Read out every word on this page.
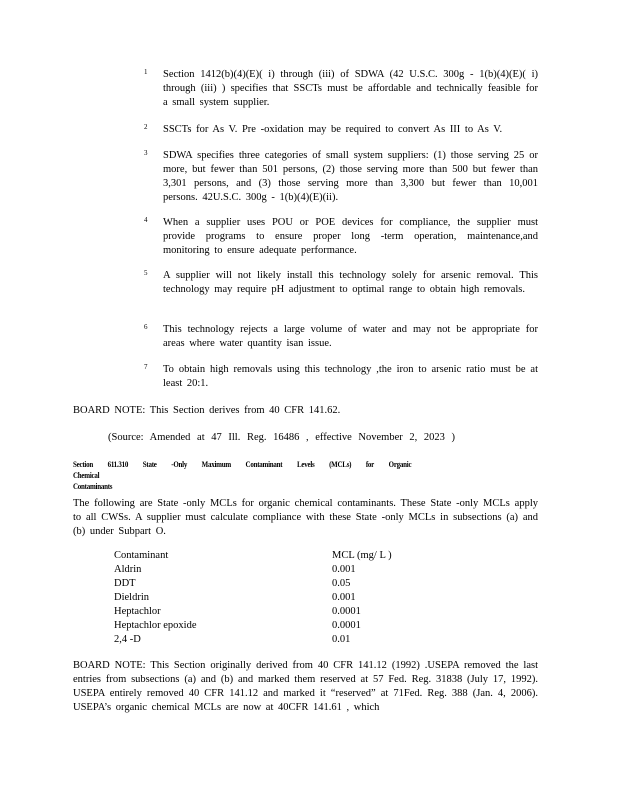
1 Section 1412(b)(4)(E)( i) through (iii) of SDWA (42 U.S.C. 300g - 1(b)(4)(E)( i) through (iii) ) specifies that SSCTs must be affordable and technically feasible for a small system supplier.
2 SSCTs for As V. Pre -oxidation may be required to convert As III to As V.
3 SDWA specifies three categories of small system suppliers: (1) those serving 25 or more, but fewer than 501 persons, (2) those serving more than 500 but fewer than 3,301 persons, and (3) those serving more than 3,300 but fewer than 10,001 persons. 42U.S.C. 300g - 1(b)(4)(E)(ii).
4 When a supplier uses POU or POE devices for compliance, the supplier must provide programs to ensure proper long -term operation, maintenance,and monitoring to ensure adequate performance.
5 A supplier will not likely install this technology solely for arsenic removal. This technology may require pH adjustment to optimal range to obtain high removals.
6 This technology rejects a large volume of water and may not be appropriate for areas where water quantity isan issue.
7 To obtain high removals using this technology ,the iron to arsenic ratio must be at least 20:1.
BOARD NOTE: This Section derives from 40 CFR 141.62.
(Source: Amended at 47 Ill. Reg. 16486 , effective November 2, 2023 )
Section 611.310 State -Only Maximum Contaminant Levels (MCLs) for Organic Chemical
Contaminants
The following are State -only MCLs for organic chemical contaminants. These State -only MCLs apply to all CWSs. A supplier must calculate compliance with these State -only MCLs in subsections (a) and (b) under Subpart O.
Contaminant	MCL (mg/ L )
Aldrin	0.001
DDT	0.05
Dieldrin	0.001
Heptachlor	0.0001
Heptachlor epoxide	0.0001
2,4 -D	0.01
BOARD NOTE: This Section originally derived from 40 CFR 141.12 (1992) .USEPA removed the last entries from subsections (a) and (b) and marked them reserved at 57 Fed. Reg. 31838 (July 17, 1992). USEPA entirely removed 40 CFR 141.12 and marked it “reserved” at 71Fed. Reg. 388 (Jan. 4, 2006). USEPA’s organic chemical MCLs are now at 40CFR 141.61 , which
